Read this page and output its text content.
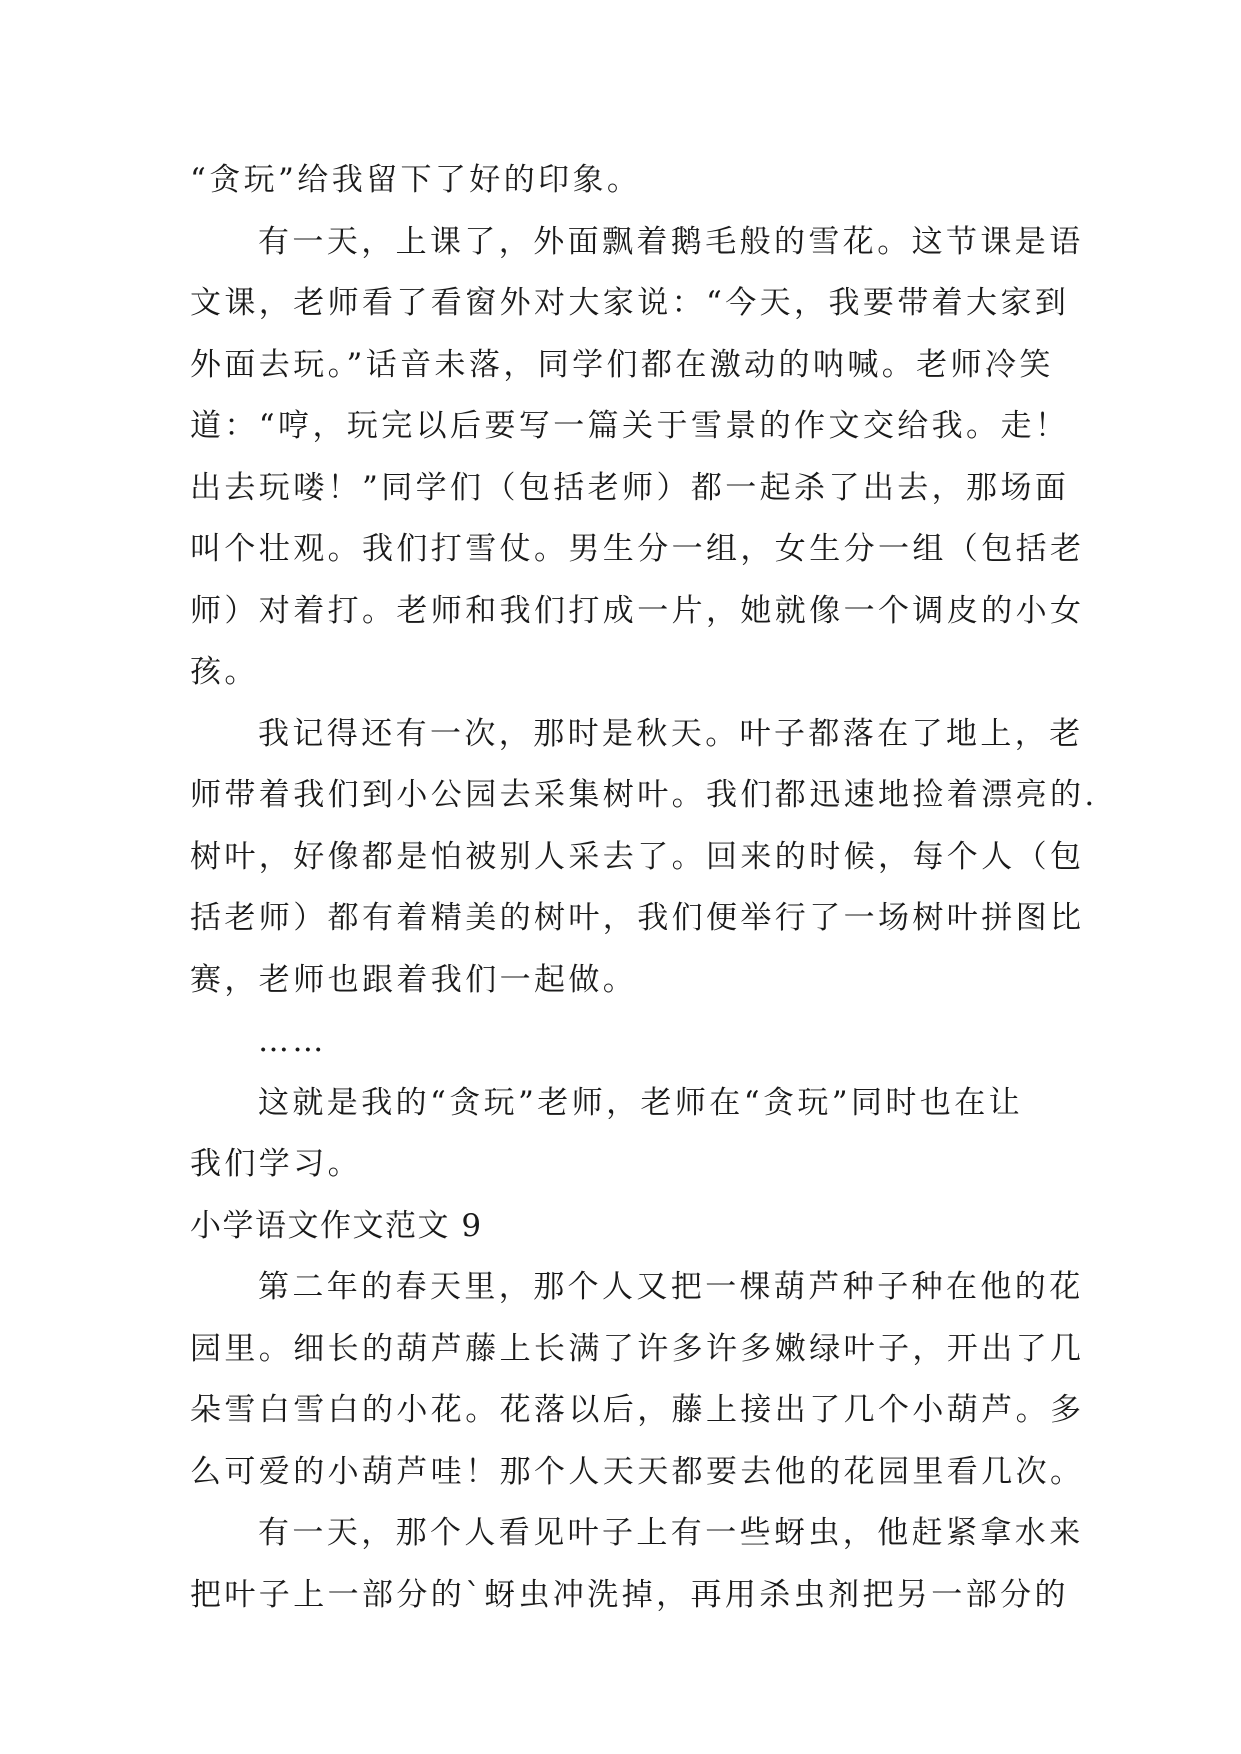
“贪玩”给我留下了好的印象。
有一天，上课了，外面飘着鹅毛般的雪花。这节课是语
文课，老师看了看窗外对大家说：“今天，我要带着大家到
外面去玩。”话音未落，同学们都在激动的呐喊。老师冷笑
道：“哼，玩完以后要写一篇关于雪景的作文交给我。走！
出去玩喽！”同学们（包括老师）都一起杀了出去，那场面
叫个壮观。我们打雪仗。男生分一组，女生分一组（包括老
师）对着打。老师和我们打成一片，她就像一个调皮的小女
孩。
我记得还有一次，那时是秋天。叶子都落在了地上，老
师带着我们到小公园去采集树叶。我们都迅速地捡着漂亮的.
树叶，好像都是怕被别人采去了。回来的时候，每个人（包
括老师）都有着精美的树叶，我们便举行了一场树叶拼图比
赛，老师也跟着我们一起做。
……
这就是我的“贪玩”老师，老师在“贪玩”同时也在让
我们学习。
小学语文作文范文 9
第二年的春天里，那个人又把一棵葫芦种子种在他的花
园里。细长的葫芦藤上长满了许多许多嫩绿叶子，开出了几
朵雪白雪白的小花。花落以后，藤上接出了几个小葫芦。多
么可爱的小葫芦哇！那个人天天都要去他的花园里看几次。
有一天，那个人看见叶子上有一些蚜虫，他赶紧拿水来
把叶子上一部分的`蚜虫冲洗掉，再用杀虫剂把另一部分的
